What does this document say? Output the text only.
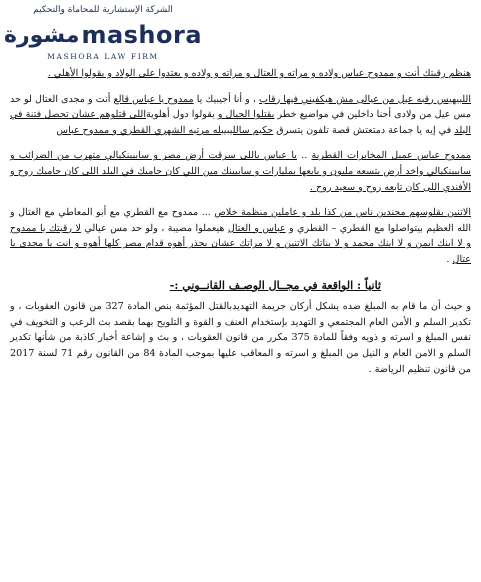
الشركة الإستشارية للمحاماة والتحكيم
مشورة mashora
MASHORA LAW FIRM

هنظم رقبتك أنت و ممدوح عباس ولاده و مراته و العتال و مراته و ولاده و يعتدوا على الولاد و يقولوا الأهلي .

اللبيهيس رقبه عيل من عيالى مش هيكفيني فيها رقاب ، و أنا أجيبيك يا ممدوح يا عباس قالع أنت و مجدى العتال لو حد مس عيل من ولادى أحنا داخلين في مواضيع خطر يقتلوا الجيال و يقولوا دول أهلويةاللى قتلوهم عشان تحصل فتنة في البلد في إيه يا جماعة دمتعتش قصة تلفون يتسرق حكيم سالليبيبله مرتبه الشهري القطري و ممدوح عباس

ممدوح عباس عميل المخابرات القطرية .. يا عباس ياللى سرقت أرض مصر و سابيينكيالي متهرب من الضرائب و سابيينكيالي واخد أرض بتسعه مليون و بايعها بمليارات و سابيينك مين اللي كان حاميك في البلد اللى كان حاميك روح و الأفندي اللى كان تابعه روح و سعيد روح .

الاتنين بقلوسهم مجندين ناس من كذا بلد و عاملين منظمة خلاص ... ممدوح مع القطري مع أبو المعاطي مع العتال و الله العظيم بيتواصلوا مع القطري – القطري و عباس و العتال هيعملوا مصيبة ، ولو حد مس عيالي لا رقبتك يا ممدوح و لا ابنك ايمن و لا ابنك محمد و لا بناتك الاتنين و لا مراتك عشان بحذر أهوه قدام مصر كلها أهوه و انت يا مجدى يا عتال .

ثانياً : الواقعة في مجــال الوصـف القانــوني :-

و حيث أن ما قام به المبلغ ضده يشكل أركان جريمة التهديدبالقتل المؤثمة بنص المادة 327 من قانون العقوبات ، و تكدير السلم و الأمن العام المجتمعي و التهديد بإستخدام العنف و القوة و التلويح بهما بقصد بث الرعب و التخويف في نفس المبلغ و اسرته و ذويه وفقاً للمادة 375 مكرر من قانون العقوبات ، و بث و إشاعة أخبار كاذبة من شأنها تكدير السلم و الامن العام و النيل من المبلغ و اسرته و المعاقب عليها بموجب المادة 84 من القانون رقم 71 لسنة 2017 من قانون تنظيم الرياضة .
